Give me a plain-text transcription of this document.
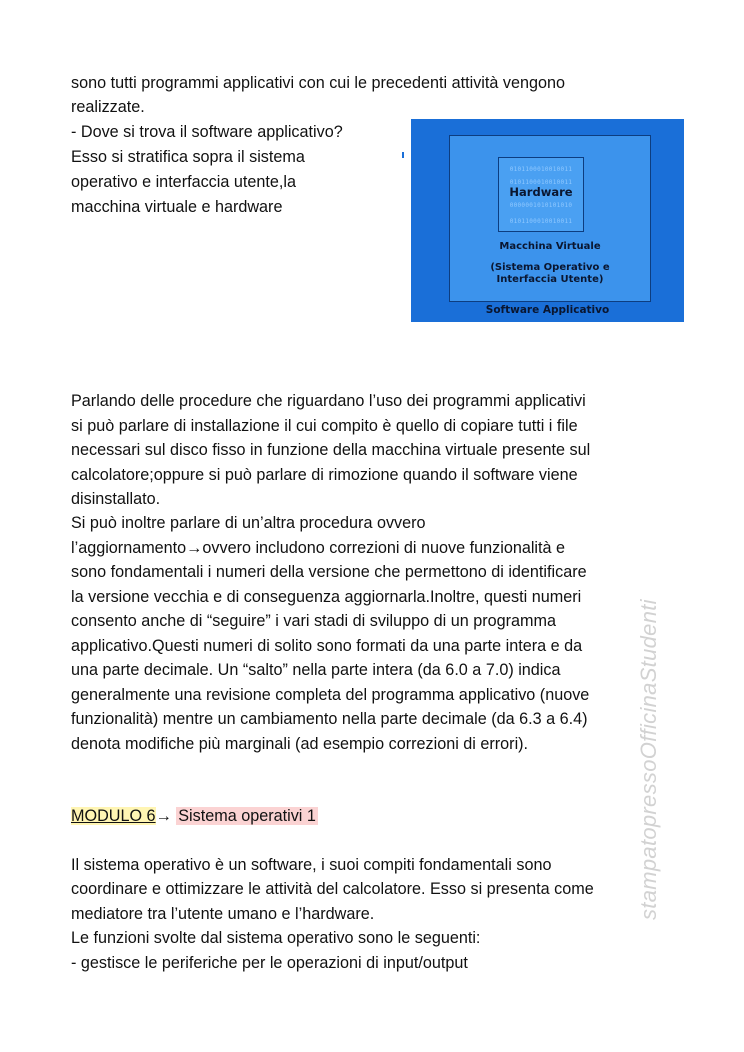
sono tutti programmi applicativi con cui le precedenti attività vengono
realizzate.
- Dove si trova il software applicativo?
Esso si stratifica sopra il sistema
operativo e interfaccia utente,la
macchina virtuale e hardware
0101100010010011
0101100010010011
Hardware
0000001010101010
0101100010010011
Macchina Virtuale
(Sistema Operativo e
Interfaccia Utente)
Software Applicativo
Parlando delle procedure che riguardano l’uso dei programmi applicativi
si può parlare di installazione il cui compito è quello di copiare tutti i file
necessari sul disco fisso in funzione della macchina virtuale presente sul
calcolatore;oppure si può parlare di rimozione quando il software viene
disinstallato.
Si può inoltre parlare di un’altra procedura ovvero
l’aggiornamento→ovvero includono correzioni di nuove funzionalità e
sono fondamentali i numeri della versione che permettono di identificare
la versione vecchia e di conseguenza aggiornarla.Inoltre, questi numeri
consento anche di “seguire” i vari stadi di sviluppo di un programma
applicativo.Questi numeri di solito sono formati da una parte intera e da
una parte decimale. Un “salto” nella parte intera (da 6.0 a 7.0) indica
generalmente una revisione completa del programma applicativo (nuove
funzionalità) mentre un cambiamento nella parte decimale (da 6.3 a 6.4)
denota modifiche più marginali (ad esempio correzioni di errori).
MODULO 6→ Sistema operativi 1
Il sistema operativo è un software, i suoi compiti fondamentali sono
coordinare e ottimizzare le attività del calcolatore. Esso si presenta come
mediatore tra l’utente umano e l’hardware.
Le funzioni svolte dal sistema operativo sono le seguenti:
- gestisce le periferiche per le operazioni di input/output
stampatopressoOfficinaStudenti
